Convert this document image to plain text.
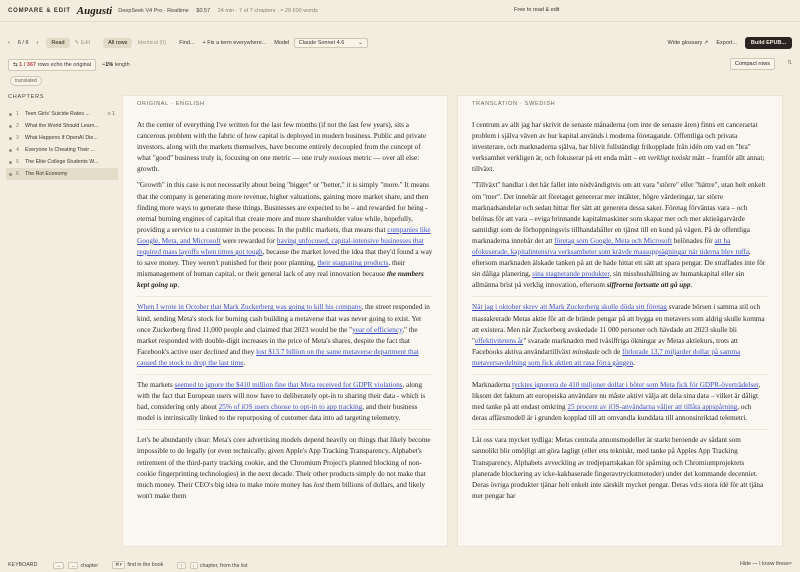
COMPARE & EDIT Augusti DeepSeek V4 Pro · Realtime $0.57 24 min · 7 of 7 chapters · ≈ 29 600 words	Free to read & edit
‹ 6 / 6 ›	Read ✎ Edit	All rows Identical (0)	Find... + Fix a term everywhere... Model Claude Sonnet 4.6	⌄	Write glossary ↗ Export...	Build EPUB...
⇆ 1 / 367 rows echo the original	−1% length	Compact rows	⇅
translated
CHAPTERS
1	Teen Girls' Suicide Rates ...	≡ 1
2	What the World Should Learn...
3	What Happens If OpenAI Die...
4	Everyone Is Cheating Their ...
5	The Elite College Students W...
6	The Rot Economy
ORIGINAL · ENGLISH

At the center of everything I've written for the last few months (if not the last few years), sits a cancerous problem with the fabric of how capital is deployed in modern business. Public and private investors, along with the markets themselves, have become entirely decoupled from the concept of what "good" business truly is, focusing on one metric — one truly noxious metric — over all else: growth.

"Growth" in this case is not necessarily about being "bigger" or "better," it is simply "more." It means that the company is generating more revenue, higher valuations, gaining more market share, and then finding more ways to generate these things. Businesses are expected to be – and rewarded for being - eternal burning engines of capital that create more and more shareholder value while, hopefully, providing a service to a customer in the process. In the public markets, that means that companies like Google, Meta, and Microsoft were rewarded for having unfocused, capital-intensive businesses that required mass layoffs when times got tough, because the market loved the idea that they'd found a way to save money. They weren't punished for their poor planning, their stagnating products, their mismanagement of human capital, or their general lack of any real innovation because the numbers kept going up.

When I wrote in October that Mark Zuckerberg was going to kill his company, the street responded in kind, sending Meta's stock for burning cash building a metaverse that was never going to exist. Yet once Zuckerberg fired 11,000 people and claimed that 2023 would be the "year of efficiency," the market responded with double-digit increases in the price of Meta's shares, despite the fact that Facebook's active user declined and they lost $13.7 billion on the same metaverse department that caused the stock to drop the last time.

The markets seemed to ignore the $410 million fine that Meta received for GDPR violations, along with the fact that European users will now have to deliberately opt-in to sharing their data - which is bad, considering only about 25% of iOS users choose to opt-in to app tracking, and their business model is intrinsically linked to the repurposing of customer data into ad targeting telemetry.

Let's be abundantly clear: Meta's core advertising models depend heavily on things that likely become impossible to do legally (or even technically, given Apple's App Tracking Transparency, Alphabet's retirement of the third-party tracking cookie, and the Chromium Project's planned blocking of non-cookie fingerprinting technologies) in the next decade. Their other products simply do not make that much money. Their CEO's big idea to make more money has lost them billions of dollars, and likely won't make them

TRANSLATION · SWEDISH

I centrum av allt jag har skrivit de senaste månaderna (om inte de senaste åren) finns ett cancerartat problem i själva väven av hur kapital används i moderna företagande. Offentliga och privata investerare, och marknaderna själva, har blivit fullständigt frikopplade från idén om vad en "bra" verksamhet verkligen är, och fokuserar på ett enda mått – ett verkligt toxiskt mått – framför allt annat; tillväxt.

"Tillväxt" handlar i det här fallet inte nödvändigtvis om att vara "större" eller "bättre", utan helt enkelt om "mer". Det innebär att företaget genererar mer intäkter, högre värderingar, tar större marknadsandelar och sedan hittar fler sätt att generera dessa saker. Företag förväntas vara – och belönas för att vara – eviga brinnande kapitalmaskiner som skapar mer och mer aktieägarvärde samtidigt som de förhoppningsvis tillhandahåller en tjänst till en kund på vägen. På de offentliga marknaderna innebär det att företag som Google, Meta och Microsoft belönades för att ha ofokuserade, kapitalintensiva verksamheter som krävde massuppsägningar när tiderna blev tuffa, eftersom marknaden älskade tanken på att de hade hittat ett sätt att spara pengar. De straffades inte för sin dåliga planering, sina stagnerande produkter, sin misshushållning av humankapital eller sin allmänna brist på verklig innovation, eftersom siffrorna fortsatte att gå upp.

När jag i oktober skrev att Mark Zuckerberg skulle döda sitt företag svarade börsen i samma stil och massakrerade Metas aktie för att de brände pengar på att bygga en metavers som aldrig skulle komma att existera. Men när Zuckerberg avskedade 11 000 personer och hävdade att 2023 skulle bli "effektivitetens år" svarade marknaden med tvåsiffriga ökningar av Metas aktiekurs, trots att Facebooks aktiva användartillväxt minskade och de förlorade 13,7 miljarder dollar på samma metaversavdelning som fick aktien att rasa förra gången.

Marknaderna tycktes ignorera de 410 miljoner dollar i böter som Meta fick för GDPR-överträdelser, liksom det faktum att europeiska användare nu måste aktivt välja att dela sina data – vilket är dåligt med tanke på att endast omkring 25 procent av iOS-användarna väljer att tillåta appspårning, och deras affärsmodell är i grunden kopplad till att omvandla kunddata till annonsinriktad telemetri.

Låt oss vara mycket tydliga: Metas centrala annonsmodeller är starkt beroende av sådant som sannolikt blir omöjligt att göra lagligt (eller ens tekniskt, med tanke på Apples App Tracking Transparency, Alphabets avveckling av tredjepartskakan för spårning och Chromiumprojektets planerade blockering av icke-kakbaserade fingeravtryckstmetoder) under det kommande decenniet. Deras övriga produkter tjänar helt enkelt inte särskilt mycket pengar. Deras vd:s stora idé för att tjäna mer pengar har

KEYBOARD	← → chapter	⌘F find in the book	↑ ↓ chapter, from the list	Hide — I know these×
